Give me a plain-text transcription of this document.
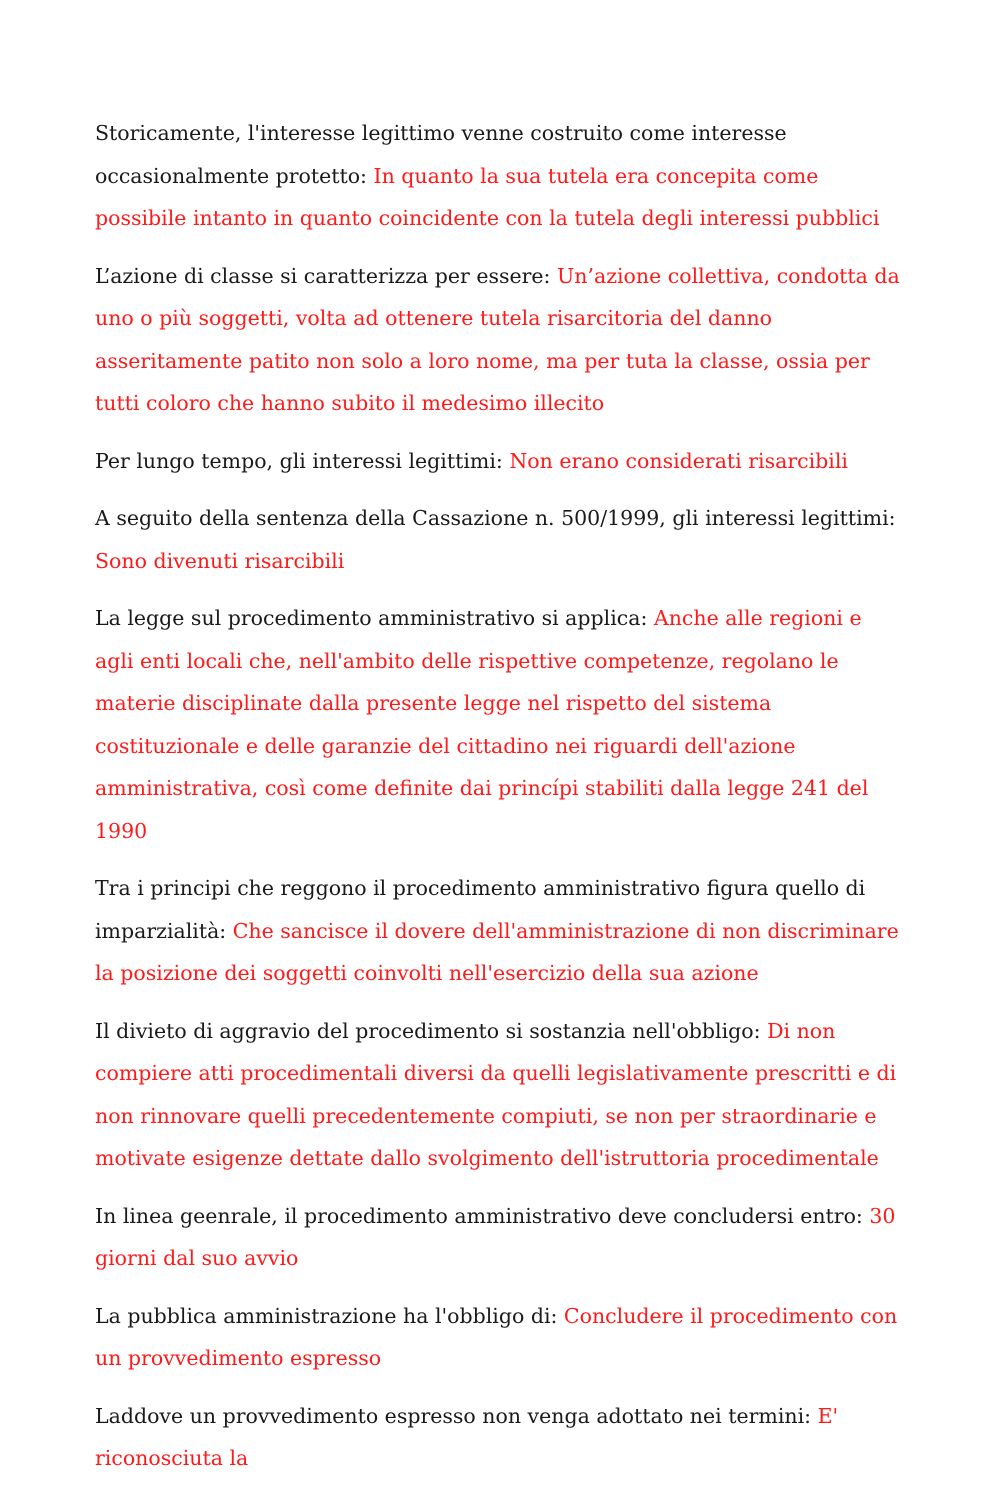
Storicamente, l'interesse legittimo venne costruito come interesse occasionalmente protetto: In quanto la sua tutela era concepita come possibile intanto in quanto coincidente con la tutela degli interessi pubblici

L’azione di classe si caratterizza per essere: Un’azione collettiva, condotta da uno o più soggetti, volta ad ottenere tutela risarcitoria del danno asseritamente patito non solo a loro nome, ma per tuta la classe, ossia per tutti coloro che hanno subito il medesimo illecito

Per lungo tempo, gli interessi legittimi: Non erano considerati risarcibili

A seguito della sentenza della Cassazione n. 500/1999, gli interessi legittimi: Sono divenuti risarcibili

La legge sul procedimento amministrativo si applica: Anche alle regioni e agli enti locali che, nell'ambito delle rispettive competenze, regolano le materie disciplinate dalla presente legge nel rispetto del sistema costituzionale e delle garanzie del cittadino nei riguardi dell'azione amministrativa, così come definite dai princípi stabiliti dalla legge 241 del 1990

Tra i principi che reggono il procedimento amministrativo figura quello di imparzialità: Che sancisce il dovere dell'amministrazione di non discriminare la posizione dei soggetti coinvolti nell'esercizio della sua azione

Il divieto di aggravio del procedimento si sostanzia nell'obbligo: Di non compiere atti procedimentali diversi da quelli legislativamente prescritti e di non rinnovare quelli precedentemente compiuti, se non per straordinarie e motivate esigenze dettate dallo svolgimento dell'istruttoria procedimentale

In linea geenrale, il procedimento amministrativo deve concludersi entro: 30 giorni dal suo avvio

La pubblica amministrazione ha l'obbligo di: Concludere il procedimento con un provvedimento espresso

Laddove un provvedimento espresso non venga adottato nei termini: E' riconosciuta la
